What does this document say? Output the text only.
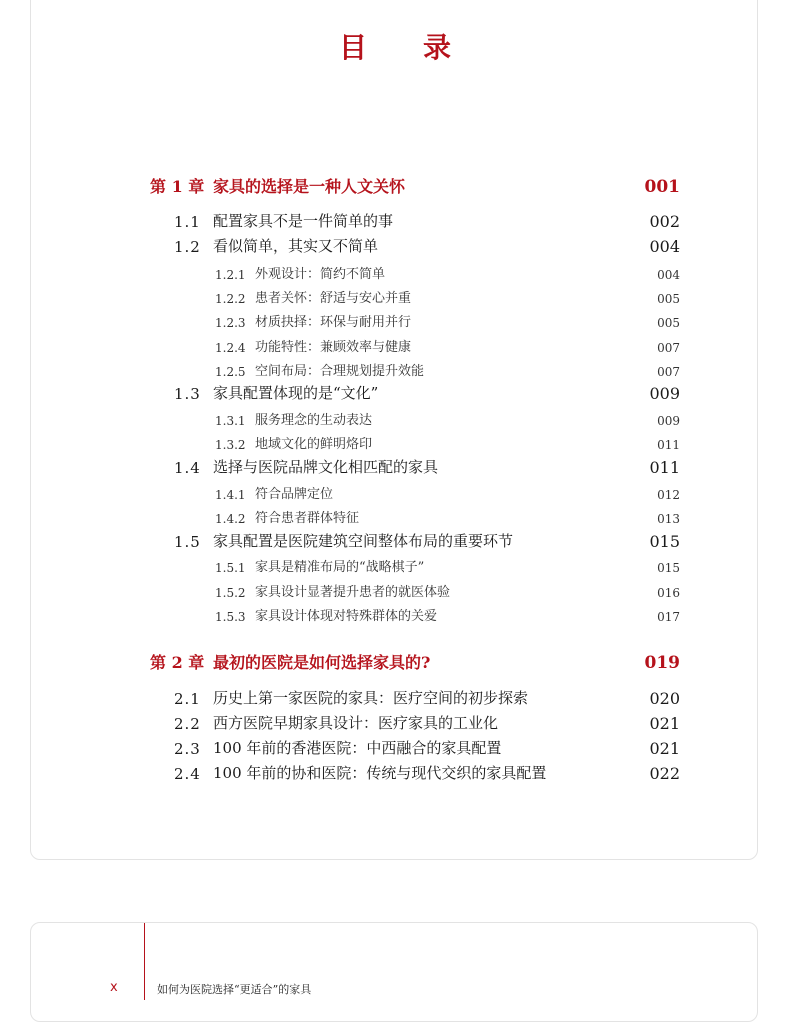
目 录
第 1 章 家具的选择是一种人文关怀	001
1.1 配置家具不是一件简单的事	002
1.2 看似简单，其实又不简单	004
1.2.1 外观设计：简约不简单	004
1.2.2 患者关怀：舒适与安心并重	005
1.2.3 材质抉择：环保与耐用并行	005
1.2.4 功能特性：兼顾效率与健康	007
1.2.5 空间布局：合理规划提升效能	007
1.3 家具配置体现的是“文化”	009
1.3.1 服务理念的生动表达	009
1.3.2 地域文化的鲜明烙印	011
1.4 选择与医院品牌文化相匹配的家具	011
1.4.1 符合品牌定位	012
1.4.2 符合患者群体特征	013
1.5 家具配置是医院建筑空间整体布局的重要环节	015
1.5.1 家具是精准布局的“战略棋子”	015
1.5.2 家具设计显著提升患者的就医体验	016
1.5.3 家具设计体现对特殊群体的关爱	017
第 2 章 最初的医院是如何选择家具的?	019
2.1 历史上第一家医院的家具：医疗空间的初步探索	020
2.2 西方医院早期家具设计：医疗家具的工业化	021
2.3 100 年前的香港医院：中西融合的家具配置	021
2.4 100 年前的协和医院：传统与现代交织的家具配置	022
x	如何为医院选择“更适合”的家具
